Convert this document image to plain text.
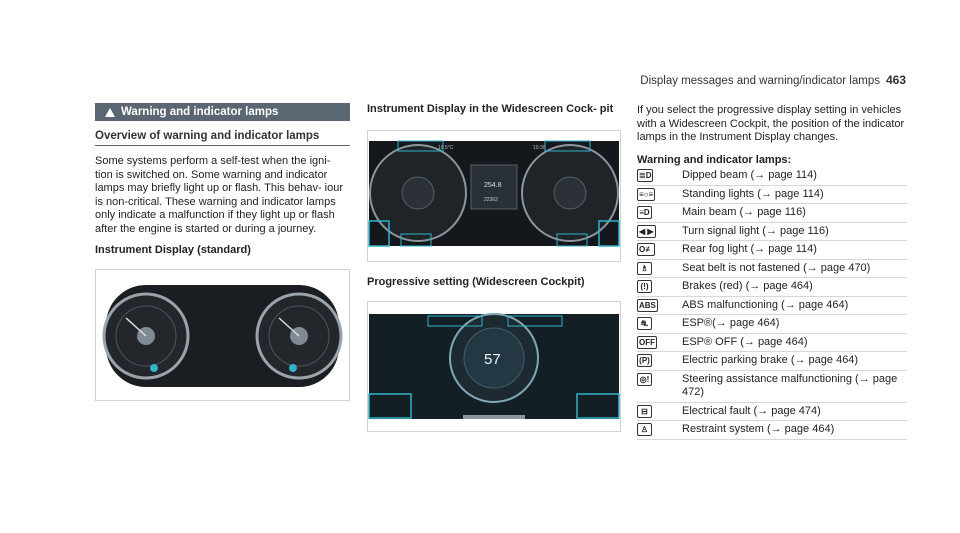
Display messages and warning/indicator lamps 463
Warning and indicator lamps
Overview of warning and indicator lamps

Some systems perform a self-test when the igni- tion is switched on. Some warning and indicator lamps may briefly light up or flash. This behav- iour is non-critical. These warning and indicator lamps only indicate a malfunction if they light up or flash after the engine is started or during a journey.

Instrument Display (standard)

Instrument Display in the Widescreen Cock- pit

16.5°C	10:30
254.8
22362

Progressive setting (Widescreen Cockpit)

57

If you select the progressive display setting in vehicles with a Widescreen Cockpit, the position of the indicator lamps in the Instrument Display changes.

Warning and indicator lamps:

≣D	Dipped beam (→ page 114)
≡○≡	Standing lights (→ page 114)
≡D	Main beam (→ page 116)
◀ ▶	Turn signal light (→ page 116)
O≢	Rear fog light (→ page 114)
♗	Seat belt is not fastened (→ page 470)
(!)	Brakes (red) (→ page 464)
ABS	ABS malfunctioning (→ page 464)
⛐	ESP®(→ page 464)
OFF	ESP® OFF (→ page 464)
(P)	Electric parking brake (→ page 464)
◎!	Steering assistance malfunctioning (→ page 472)
⊟	Electrical fault (→ page 474)
♙	Restraint system (→ page 464)
